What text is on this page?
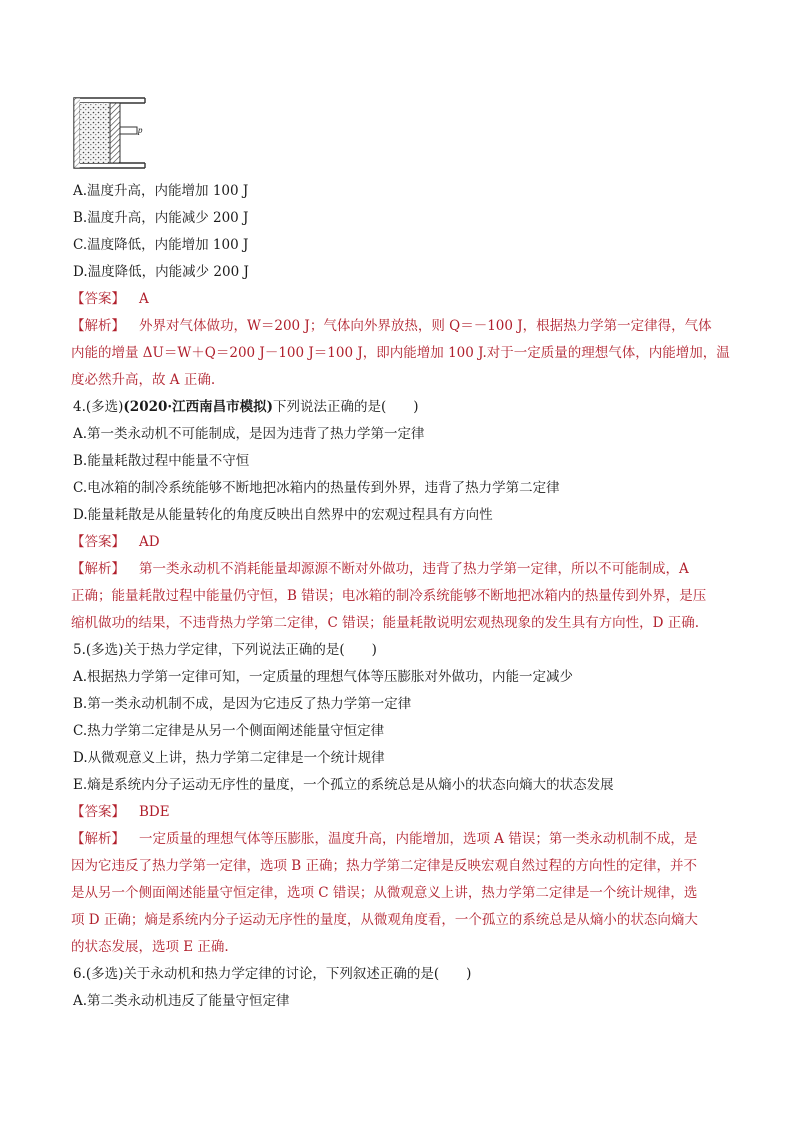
p
A.温度升高，内能增加 100 J
B.温度升高，内能减少 200 J
C.温度降低，内能增加 100 J
D.温度降低，内能减少 200 J
【答案】 A
【解析】 外界对气体做功，W＝200 J；气体向外界放热，则 Q＝－100 J，根据热力学第一定律得，气体
内能的增量 ΔU＝W＋Q＝200 J－100 J＝100 J，即内能增加 100 J.对于一定质量的理想气体，内能增加，温
度必然升高，故 A 正确.
4.(多选)(2020·江西南昌市模拟)下列说法正确的是(　　)
A.第一类永动机不可能制成，是因为违背了热力学第一定律
B.能量耗散过程中能量不守恒
C.电冰箱的制冷系统能够不断地把冰箱内的热量传到外界，违背了热力学第二定律
D.能量耗散是从能量转化的角度反映出自然界中的宏观过程具有方向性
【答案】 AD
【解析】 第一类永动机不消耗能量却源源不断对外做功，违背了热力学第一定律，所以不可能制成，A
正确；能量耗散过程中能量仍守恒，B 错误；电冰箱的制冷系统能够不断地把冰箱内的热量传到外界，是压
缩机做功的结果，不违背热力学第二定律，C 错误；能量耗散说明宏观热现象的发生具有方向性，D 正确.
5.(多选)关于热力学定律，下列说法正确的是(　　)
A.根据热力学第一定律可知，一定质量的理想气体等压膨胀对外做功，内能一定减少
B.第一类永动机制不成，是因为它违反了热力学第一定律
C.热力学第二定律是从另一个侧面阐述能量守恒定律
D.从微观意义上讲，热力学第二定律是一个统计规律
E.熵是系统内分子运动无序性的量度，一个孤立的系统总是从熵小的状态向熵大的状态发展
【答案】 BDE
【解析】 一定质量的理想气体等压膨胀，温度升高，内能增加，选项 A 错误；第一类永动机制不成，是
因为它违反了热力学第一定律，选项 B 正确；热力学第二定律是反映宏观自然过程的方向性的定律，并不
是从另一个侧面阐述能量守恒定律，选项 C 错误；从微观意义上讲，热力学第二定律是一个统计规律，选
项 D 正确；熵是系统内分子运动无序性的量度，从微观角度看，一个孤立的系统总是从熵小的状态向熵大
的状态发展，选项 E 正确.
6.(多选)关于永动机和热力学定律的讨论，下列叙述正确的是(　　)
A.第二类永动机违反了能量守恒定律
